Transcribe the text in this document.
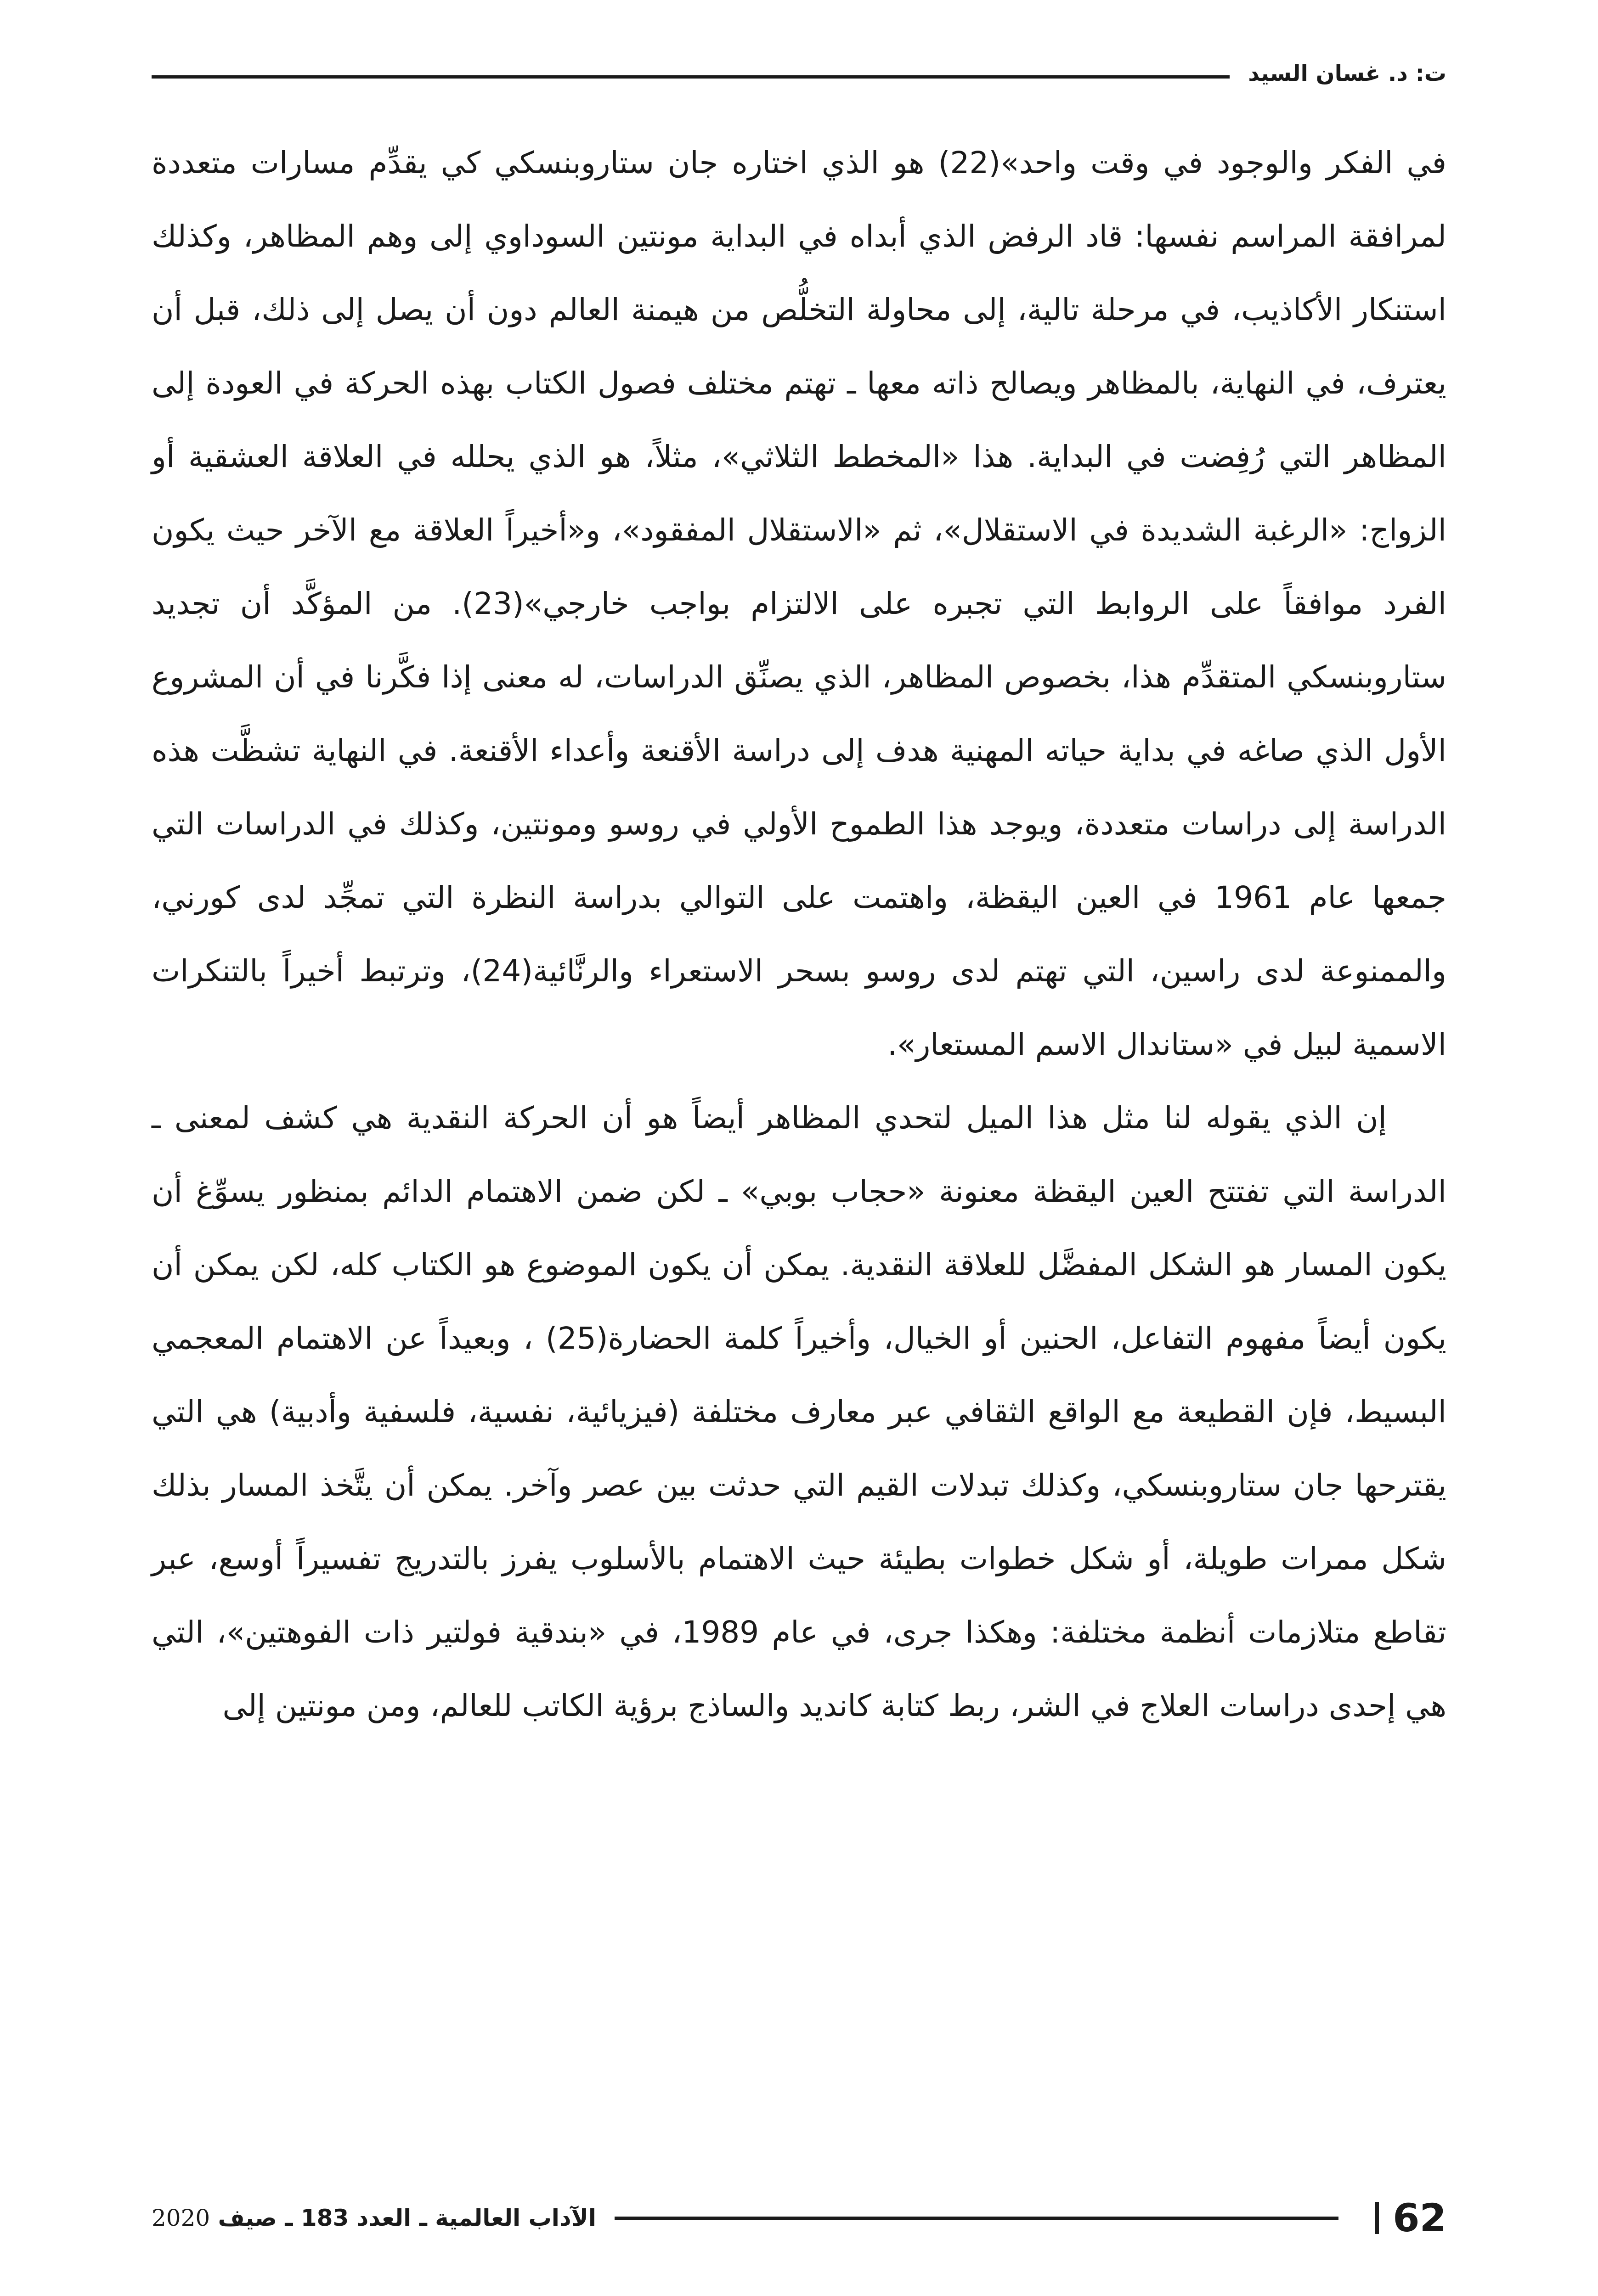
ت: د. غسان السيد

في الفكر والوجود في وقت واحد»(22) هو الذي اختاره جان ستاروبنسكي كي يقدِّم مسارات متعددة لمرافقة المراسم نفسها: قاد الرفض الذي أبداه في البداية مونتين السوداوي إلى وهم المظاهر، وكذلك استنكار الأكاذيب، في مرحلة تالية، إلى محاولة التخلُّص من هيمنة العالم دون أن يصل إلى ذلك، قبل أن يعترف، في النهاية، بالمظاهر ويصالح ذاته معها ـ تهتم مختلف فصول الكتاب بهذه الحركة في العودة إلى المظاهر التي رُفِضت في البداية. هذا «المخطط الثلاثي»، مثلاً، هو الذي يحلله في العلاقة العشقية أو الزواج: «الرغبة الشديدة في الاستقلال»، ثم «الاستقلال المفقود»، و«أخيراً العلاقة مع الآخر حيث يكون الفرد موافقاً على الروابط التي تجبره على الالتزام بواجب خارجي»(23). من المؤكَّد أن تجديد ستاروبنسكي المتقدِّم هذا، بخصوص المظاهر، الذي يصنِّق الدراسات، له معنى إذا فكَّرنا في أن المشروع الأول الذي صاغه في بداية حياته المهنية هدف إلى دراسة الأقنعة وأعداء الأقنعة. في النهاية تشظَّت هذه الدراسة إلى دراسات متعددة، ويوجد هذا الطموح الأولي في روسو ومونتين، وكذلك في الدراسات التي جمعها عام 1961 في العين اليقظة، واهتمت على التوالي بدراسة النظرة التي تمجِّد لدى كورني، والممنوعة لدى راسين، التي تهتم لدى روسو بسحر الاستعراء والرنَّائية(24)، وترتبط أخيراً بالتنكرات الاسمية لبيل في «ستاندال الاسم المستعار».

إن الذي يقوله لنا مثل هذا الميل لتحدي المظاهر أيضاً هو أن الحركة النقدية هي كشف لمعنى ـ الدراسة التي تفتتح العين اليقظة معنونة «حجاب بوبي» ـ لكن ضمن الاهتمام الدائم بمنظور يسوِّغ أن يكون المسار هو الشكل المفضَّل للعلاقة النقدية. يمكن أن يكون الموضوع هو الكتاب كله، لكن يمكن أن يكون أيضاً مفهوم التفاعل، الحنين أو الخيال، وأخيراً كلمة الحضارة(25) ، وبعيداً عن الاهتمام المعجمي البسيط، فإن القطيعة مع الواقع الثقافي عبر معارف مختلفة (فيزيائية، نفسية، فلسفية وأدبية) هي التي يقترحها جان ستاروبنسكي، وكذلك تبدلات القيم التي حدثت بين عصر وآخر. يمكن أن يتَّخذ المسار بذلك شكل ممرات طويلة، أو شكل خطوات بطيئة حيث الاهتمام بالأسلوب يفرز بالتدريج تفسيراً أوسع، عبر تقاطع متلازمات أنظمة مختلفة: وهكذا جرى، في عام 1989، في «بندقية فولتير ذات الفوهتين»، التي هي إحدى دراسات العلاج في الشر، ربط كتابة كانديد والساذج برؤية الكاتب للعالم، ومن مونتين إلى

62
الآداب العالمية ـ العدد 183 ـ صيف 2020
